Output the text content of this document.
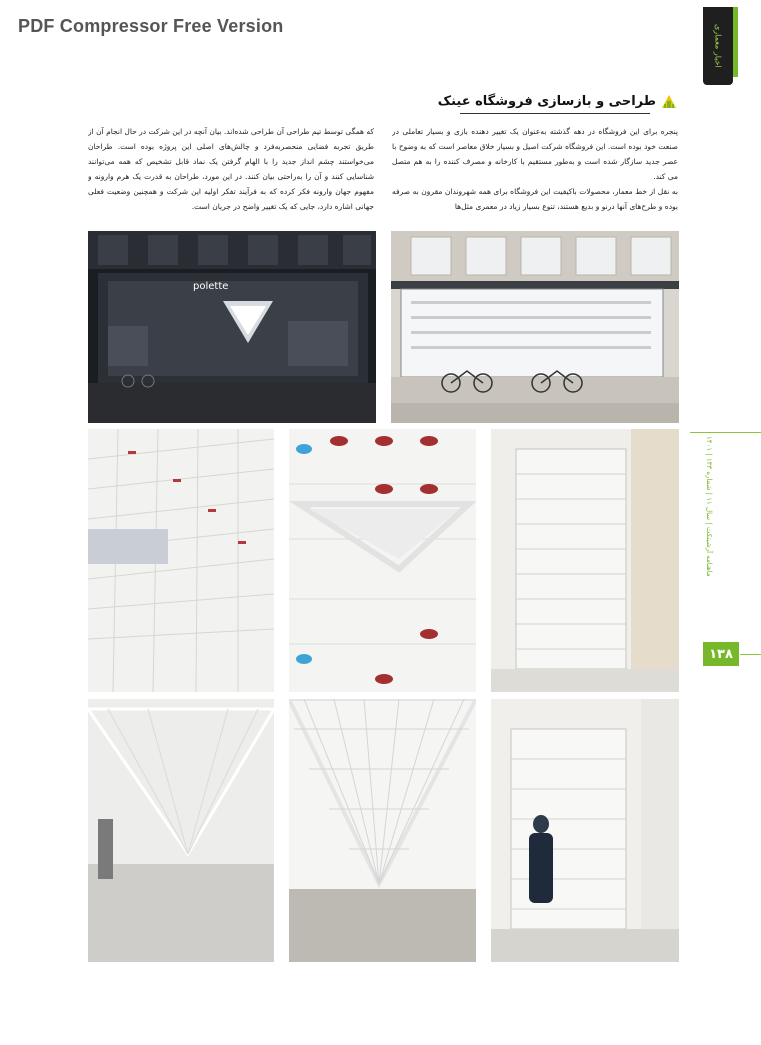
PDF Compressor Free Version	اخبار معماری
طراحی و بازسازی فروشگاه عینک

پنجره برای این فروشگاه در دهه گذشته به‌عنوان یک تغییر دهنده بازی و بسیار تعاملی در صنعت خود بوده است. این فروشگاه شرکت اصیل و بسیار خلاق معاصر است که به وضوح با عصر جدید سازگار شده است و به‌طور مستقیم با کارخانه و مصرف کننده را به هم متصل می کند.

به نقل از خط معمار، محصولات باکیفیت این فروشگاه برای همه شهروندان مقرون به صرفه بوده و طرح‌های آنها درنو و بدیع هستند، تنوع بسیار زیاد در معمری مثل‌ها

که همگی توسط تیم طراحی آن طراحی شده‌اند. بیان آنچه در این شرکت در حال انجام آن از طریق تجربه فضایی منحصربه‌فرد و چالش‌های اصلی این پروژه بوده است. طراحان می‌خواستند چشم انداز جدید را با الهام گرفتن یک نماد قابل تشخیص که همه می‌توانند شناسایی کنند و آن را به‌راحتی بیان کنند. در این مورد، طراحان به قدرت یک هرم وارونه و مفهوم جهان وارونه فکر کرده که به فرآیند تفکر اولیه این شرکت و همچنین وضعیت فعلی جهانی اشاره دارد، جایی که یک تغییر واضح در جریان است.

polette
ماهنامه آرشیتکت | سال ۱۱ | شماره ۱۳۳ | ۱۴۰۱
۱۳۸
